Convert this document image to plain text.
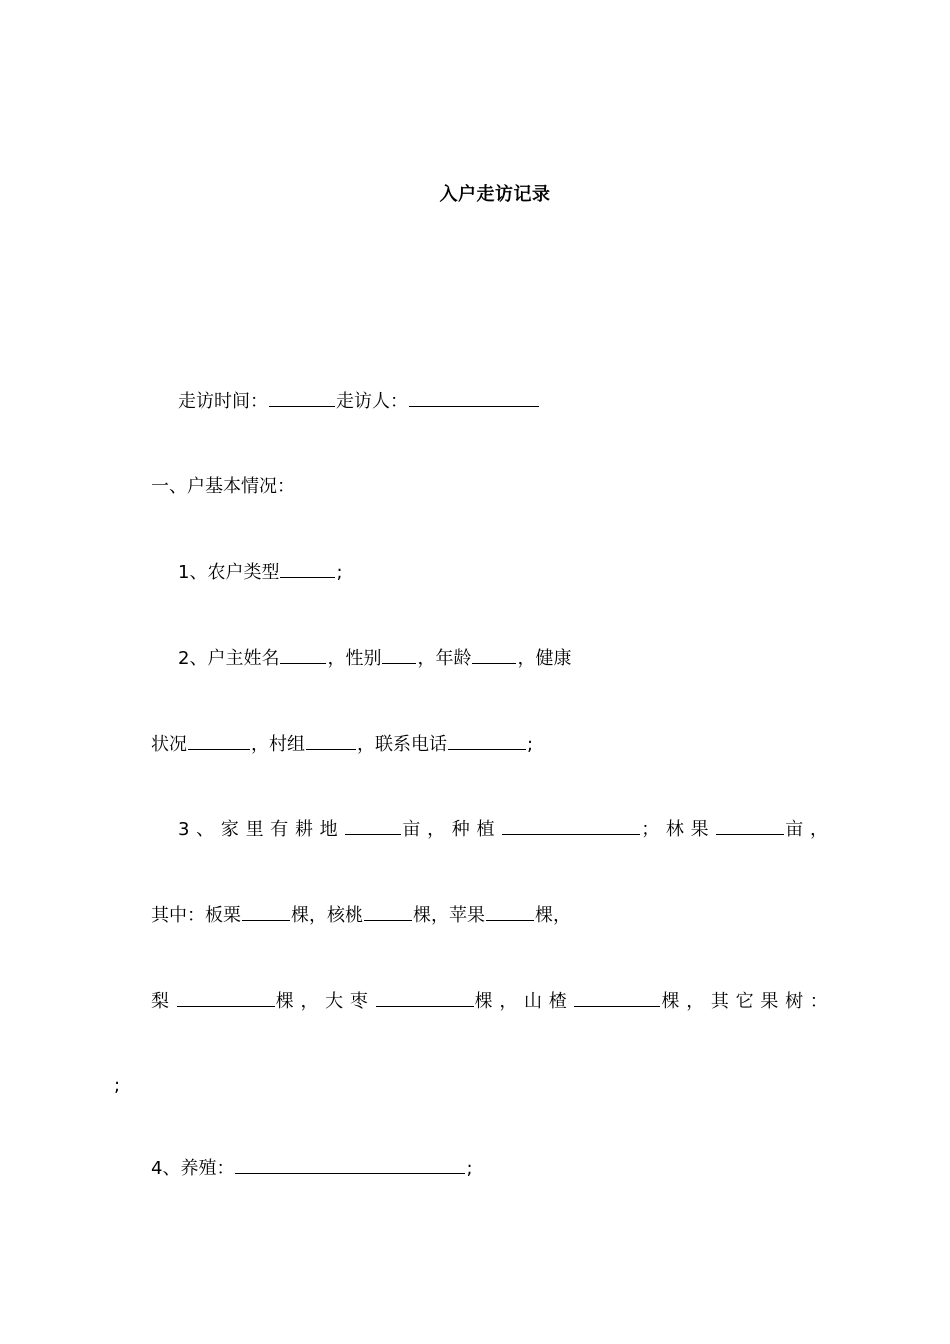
入户走访记录
走访时间：	走访人：
一、户基本情况：
1、农户类型	;
2、户主姓名	，性别 ，年龄	，健康
状况	，村组	，联系电话	;
3 、 家 里 有 耕 地	亩 ， 种 植	； 林 果	亩 ，
其中：板栗	棵，核桃	棵，苹果	棵，
梨	棵 ， 大 枣	棵 ， 山 楂	棵 ， 其 它 果 树 ：
;
4、养殖：	;
